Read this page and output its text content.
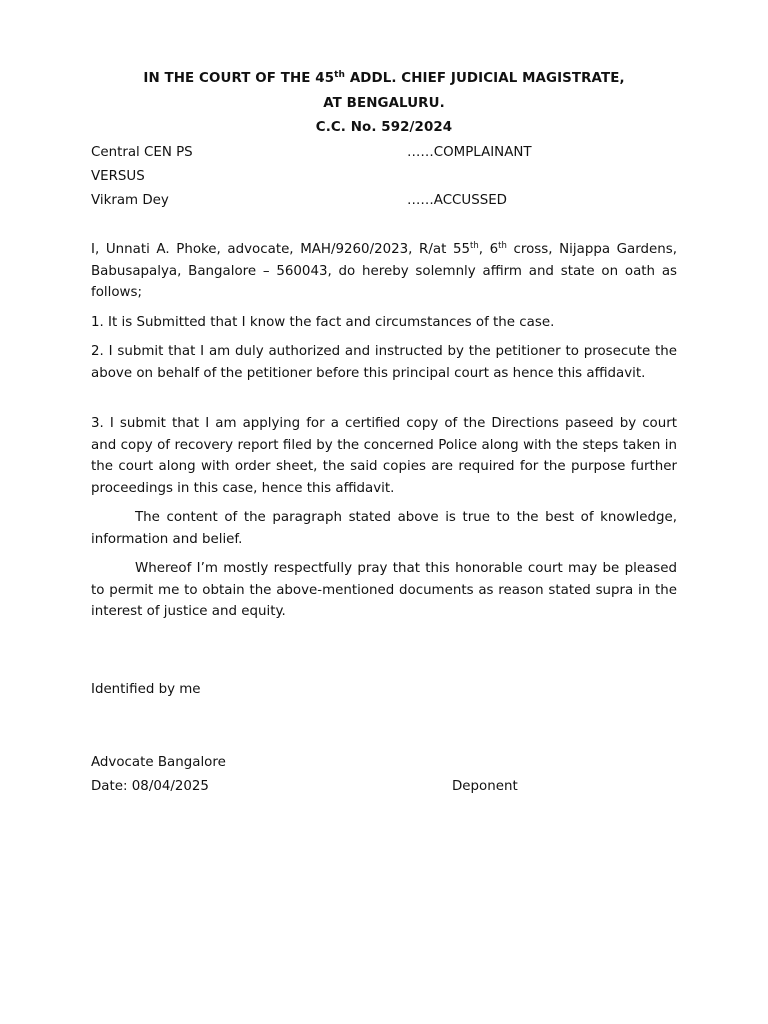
IN THE COURT OF THE 45th ADDL. CHIEF JUDICIAL MAGISTRATE,
AT BENGALURU.
C.C. No. 592/2024
Central CEN PS	……COMPLAINANT
VERSUS
Vikram Dey	……ACCUSSED
I, Unnati A. Phoke, advocate, MAH/9260/2023, R/at 55th, 6th cross, Nijappa Gardens, Babusapalya, Bangalore – 560043, do hereby solemnly affirm and state on oath as follows;
1. It is Submitted that I know the fact and circumstances of the case.
2. I submit that I am duly authorized and instructed by the petitioner to prosecute the above on behalf of the petitioner before this principal court as hence this affidavit.
3. I submit that I am applying for a certified copy of the Directions paseed by court and copy of recovery report filed by the concerned Police along with the steps taken in the court along with order sheet, the said copies are required for the purpose further proceedings in this case, hence this affidavit.
The content of the paragraph stated above is true to the best of knowledge, information and belief.
Whereof I’m mostly respectfully pray that this honorable court may be pleased to permit me to obtain the above-mentioned documents as reason stated supra in the interest of justice and equity.
Identified by me
Advocate Bangalore
Date: 08/04/2025	Deponent
